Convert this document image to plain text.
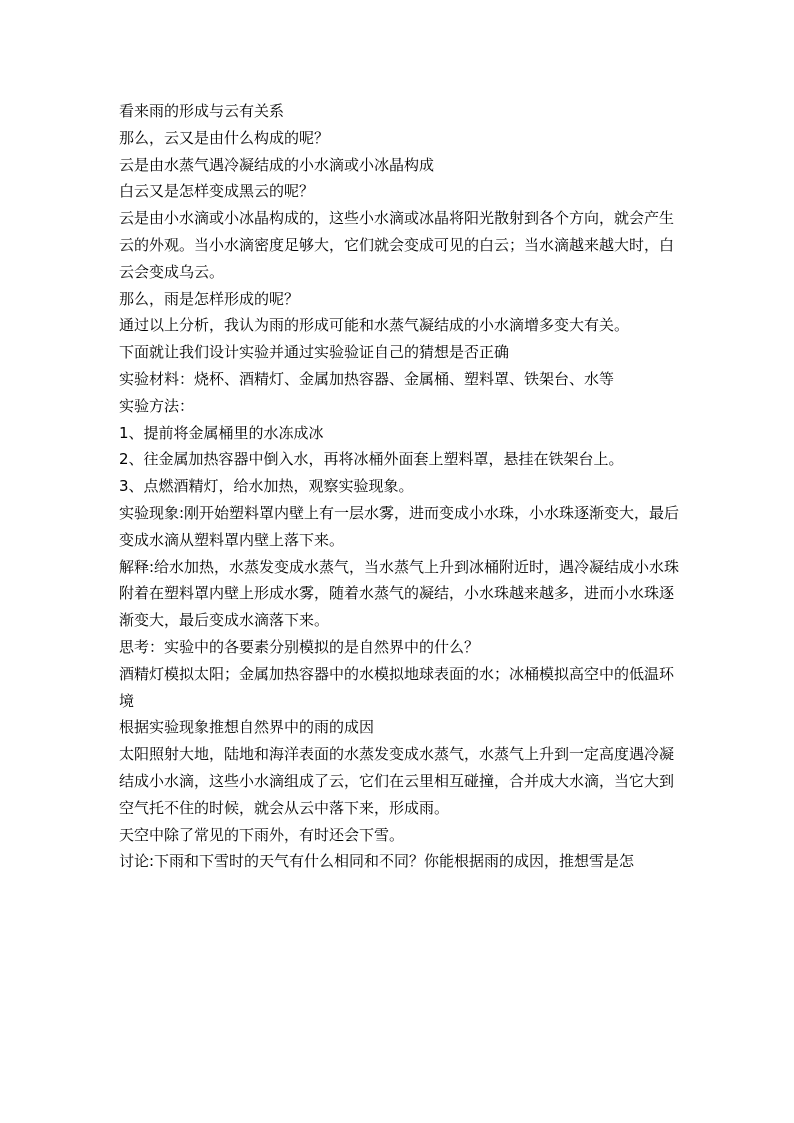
看来雨的形成与云有关系

那么，云又是由什么构成的呢？

云是由水蒸气遇冷凝结成的小水滴或小冰晶构成

白云又是怎样变成黑云的呢？

云是由小水滴或小冰晶构成的，这些小水滴或冰晶将阳光散射到各个方向，就会产生云的外观。当小水滴密度足够大，它们就会变成可见的白云；当水滴越来越大时，白云会变成乌云。

那么，雨是怎样形成的呢？

通过以上分析，我认为雨的形成可能和水蒸气凝结成的小水滴增多变大有关。

下面就让我们设计实验并通过实验验证自己的猜想是否正确

实验材料：烧杯、酒精灯、金属加热容器、金属桶、塑料罩、铁架台、水等

实验方法：

1、提前将金属桶里的水冻成冰

2、往金属加热容器中倒入水，再将冰桶外面套上塑料罩，悬挂在铁架台上。

3、点燃酒精灯，给水加热，观察实验现象。

实验现象:刚开始塑料罩内壁上有一层水雾，进而变成小水珠，小水珠逐渐变大，最后变成水滴从塑料罩内壁上落下来。

解释:给水加热，水蒸发变成水蒸气，当水蒸气上升到冰桶附近时，遇冷凝结成小水珠附着在塑料罩内壁上形成水雾，随着水蒸气的凝结，小水珠越来越多，进而小水珠逐渐变大，最后变成水滴落下来。

思考：实验中的各要素分别模拟的是自然界中的什么？

酒精灯模拟太阳；金属加热容器中的水模拟地球表面的水；冰桶模拟高空中的低温环境

根据实验现象推想自然界中的雨的成因

太阳照射大地，陆地和海洋表面的水蒸发变成水蒸气，水蒸气上升到一定高度遇冷凝结成小水滴，这些小水滴组成了云，它们在云里相互碰撞，合并成大水滴，当它大到空气托不住的时候，就会从云中落下来，形成雨。

天空中除了常见的下雨外，有时还会下雪。

讨论:下雨和下雪时的天气有什么相同和不同？你能根据雨的成因，推想雪是怎
